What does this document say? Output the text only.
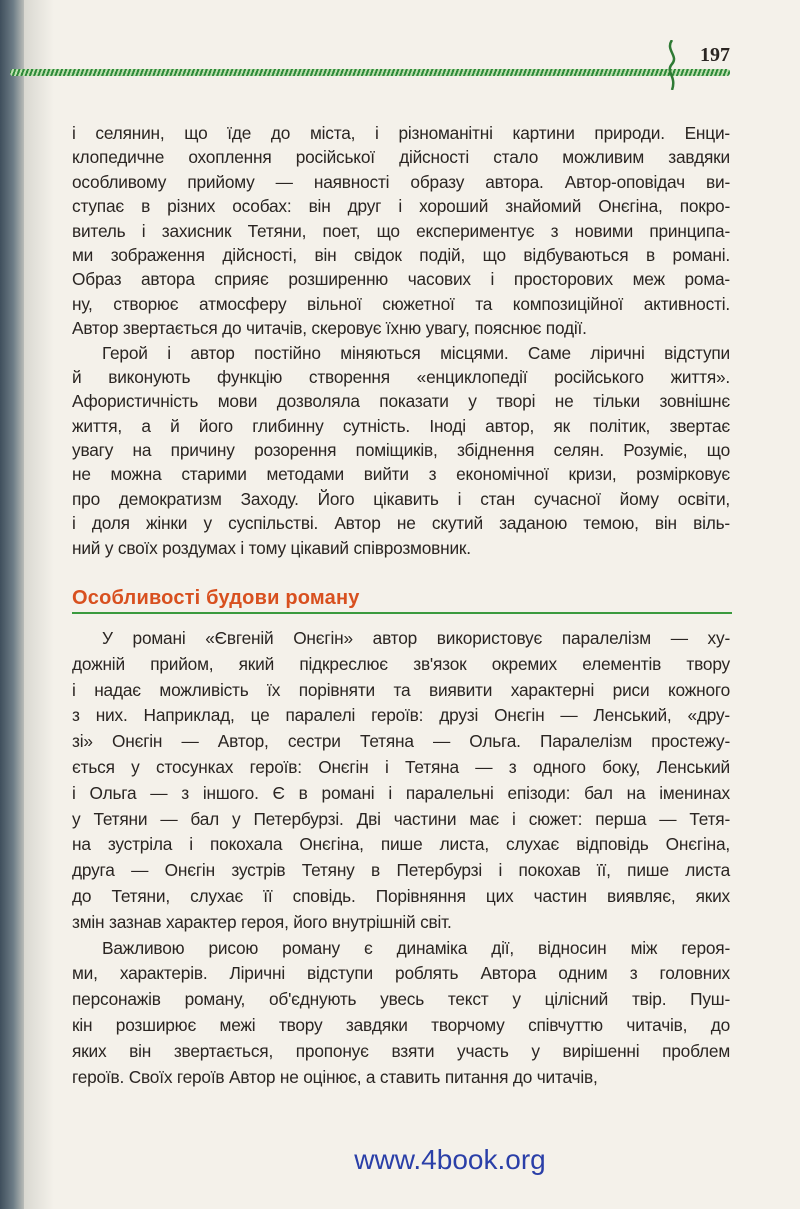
197
і селянин, що їде до міста, і різноманітні картини природи. Енци-
клопедичне охоплення російської дійсності стало можливим завдяки
особливому прийому — наявності образу автора. Автор-оповідач ви-
ступає в різних особах: він друг і хороший знайомий Онєгіна, покро-
витель і захисник Тетяни, поет, що експериментує з новими принципа-
ми зображення дійсності, він свідок подій, що відбуваються в романі.
Образ автора сприяє розширенню часових і просторових меж рома-
ну, створює атмосферу вільної сюжетної та композиційної активності.
Автор звертається до читачів, скеровує їхню увагу, пояснює події.
Герой і автор постійно міняються місцями. Саме ліричні відступи
й виконують функцію створення «енциклопедії російського життя».
Афористичність мови дозволяла показати у творі не тільки зовнішнє
життя, а й його глибинну сутність. Іноді автор, як політик, звертає
увагу на причину розорення поміщиків, збіднення селян. Розуміє, що
не можна старими методами вийти з економічної кризи, розмірковує
про демократизм Заходу. Його цікавить і стан сучасної йому освіти,
і доля жінки у суспільстві. Автор не скутий заданою темою, він віль-
ний у своїх роздумах і тому цікавий співрозмовник.
Особливості будови роману
У романі «Євгеній Онєгін» автор використовує паралелізм — ху-
дожній прийом, який підкреслює зв'язок окремих елементів твору
і надає можливість їх порівняти та виявити характерні риси кожного
з них. Наприклад, це паралелі героїв: друзі Онєгін — Ленський, «дру-
зі» Онєгін — Автор, сестри Тетяна — Ольга. Паралелізм простежу-
ється у стосунках героїв: Онєгін і Тетяна — з одного боку, Ленський
і Ольга — з іншого. Є в романі і паралельні епізоди: бал на іменинах
у Тетяни — бал у Петербурзі. Дві частини має і сюжет: перша — Тетя-
на зустріла і покохала Онєгіна, пише листа, слухає відповідь Онєгіна,
друга — Онєгін зустрів Тетяну в Петербурзі і покохав її, пише листа
до Тетяни, слухає її сповідь. Порівняння цих частин виявляє, яких
змін зазнав характер героя, його внутрішній світ.
Важливою рисою роману є динаміка дії, відносин між героя-
ми, характерів. Ліричні відступи роблять Автора одним з головних
персонажів роману, об'єднують увесь текст у цілісний твір. Пуш-
кін розширює межі твору завдяки творчому співчуттю читачів, до
яких він звертається, пропонує взяти участь у вирішенні проблем
героїв. Своїх героїв Автор не оцінює, а ставить питання до читачів,
www.4book.org
